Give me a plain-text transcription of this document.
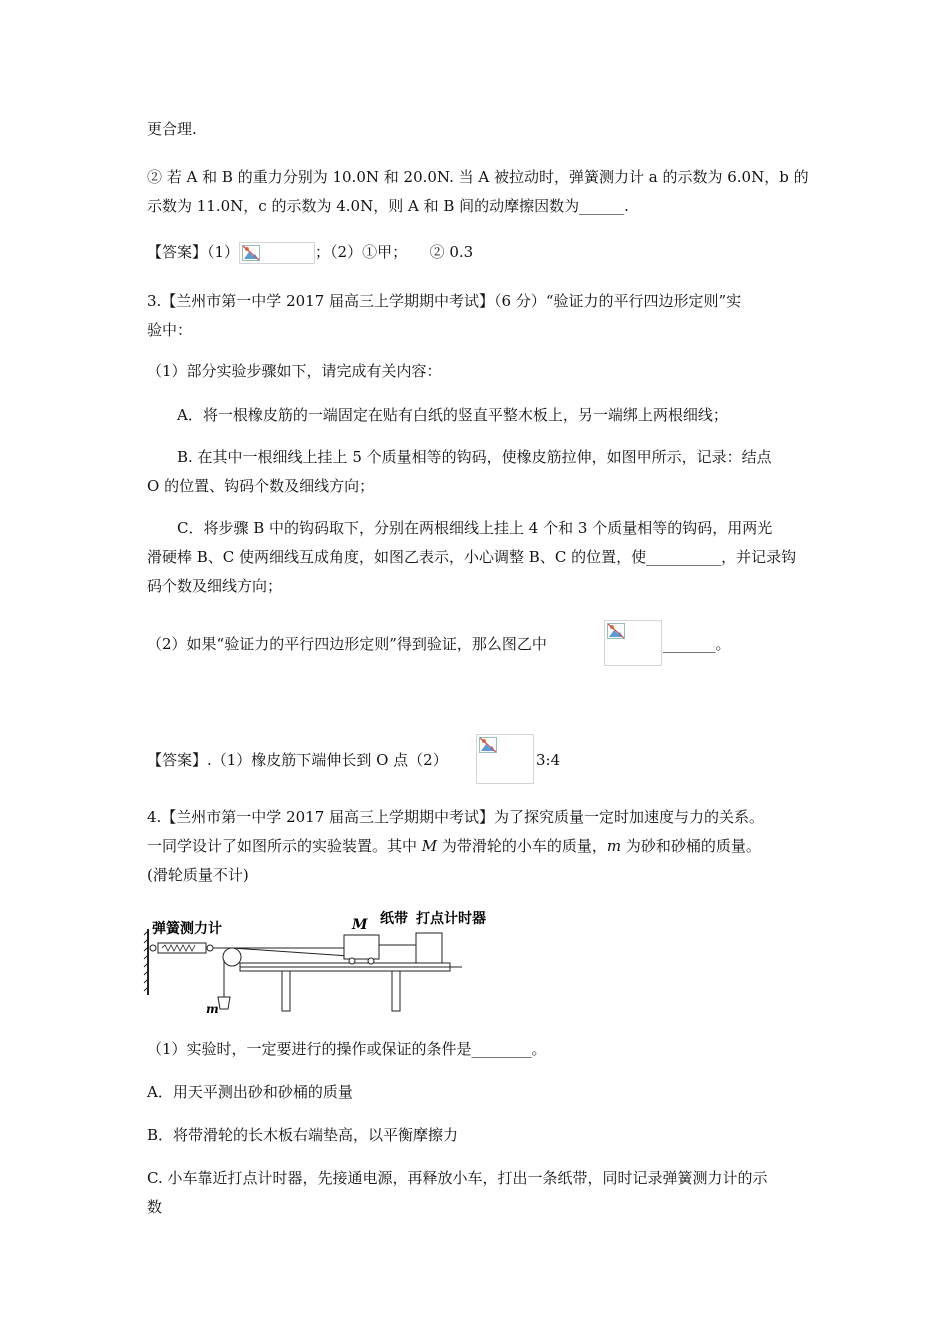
更合理.
② 若 A 和 B 的重力分别为 10.0N 和 20.0N. 当 A 被拉动时，弹簧测力计 a 的示数为 6.0N，b 的
示数为 11.0N，c 的示数为 4.0N，则 A 和 B 间的动摩擦因数为______.
【答案】（1）	；（2）①甲；　　② 0.3
3.【兰州市第一中学 2017 届高三上学期期中考试】（6 分）“验证力的平行四边形定则”实
验中：
（1）部分实验步骤如下，请完成有关内容：
A．将一根橡皮筋的一端固定在贴有白纸的竖直平整木板上，另一端绑上两根细线；
B. 在其中一根细线上挂上 5 个质量相等的钩码，使橡皮筋拉伸，如图甲所示，记录：结点
O 的位置、钩码个数及细线方向；
C．将步骤 B 中的钩码取下，分别在两根细线上挂上 4 个和 3 个质量相等的钩码，用两光
滑硬棒 B、C 使两细线互成角度，如图乙表示，小心调整 B、C 的位置，使__________，并记录钩
码个数及细线方向；
（2）如果“验证力的平行四边形定则”得到验证，那么图乙中	_______。
【答案】.（1）橡皮筋下端伸长到 O 点（2）	3:4
4.【兰州市第一中学 2017 届高三上学期期中考试】为了探究质量一定时加速度与力的关系。
一同学设计了如图所示的实验装置。其中 M 为带滑轮的小车的质量，m 为砂和砂桶的质量。
(滑轮质量不计)
弹簧测力计	M 纸带 打点计时器
m
（1）实验时，一定要进行的操作或保证的条件是________。
A．用天平测出砂和砂桶的质量
B．将带滑轮的长木板右端垫高，以平衡摩擦力
C. 小车靠近打点计时器，先接通电源，再释放小车，打出一条纸带，同时记录弹簧测力计的示
数
